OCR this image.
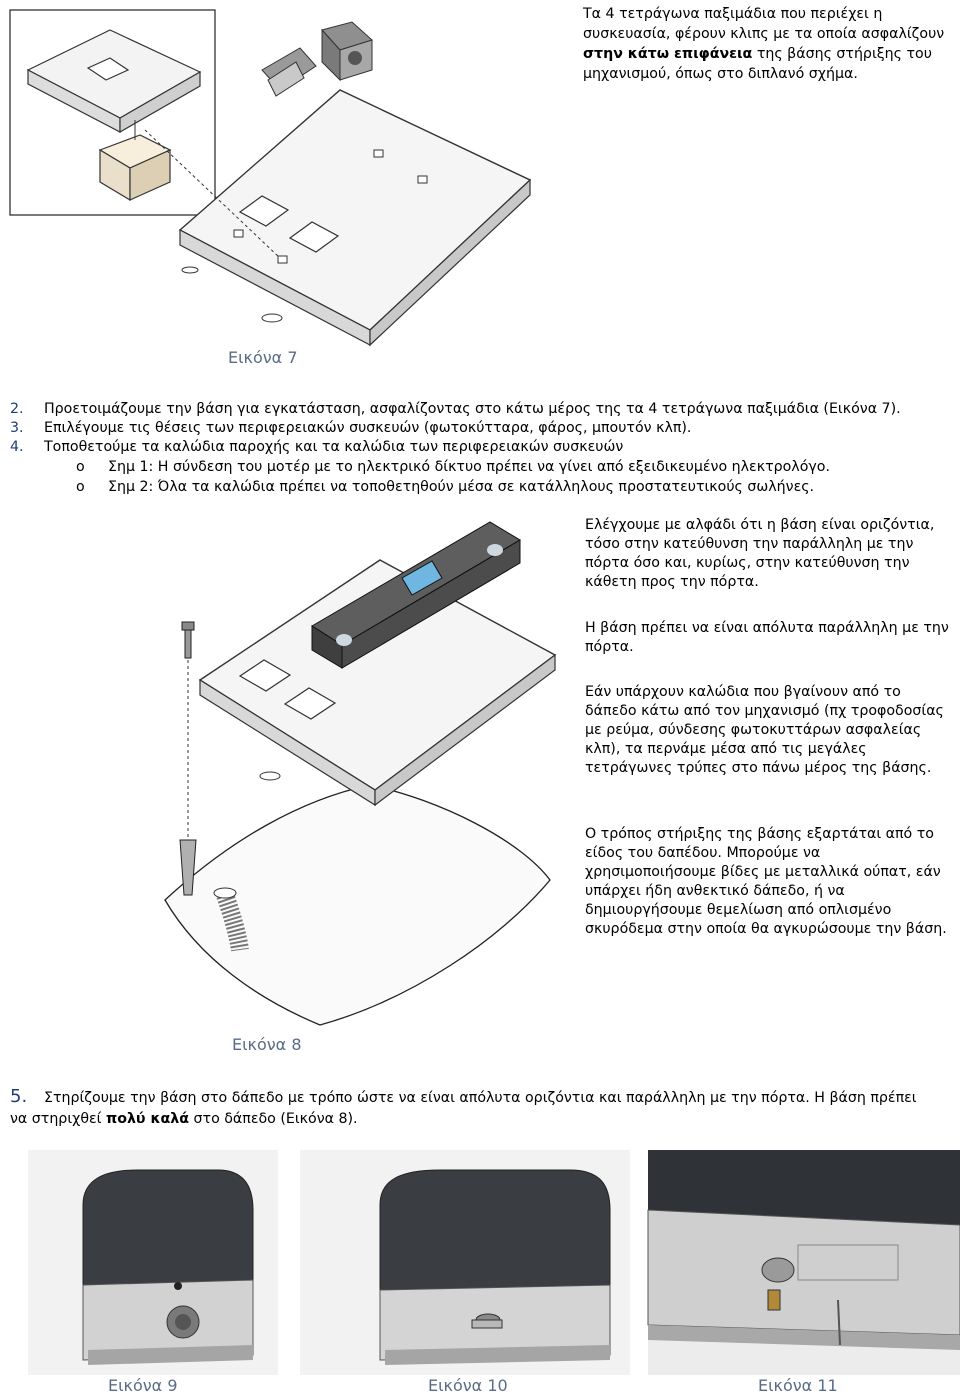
Τα 4 τετράγωνα παξιμάδια που περιέχει η συσκευασία, φέρουν κλιπς με τα οποία ασφαλίζουν στην κάτω επιφάνεια της βάσης στήριξης του μηχανισμού, όπως στο διπλανό σχήμα.
Εικόνα 7
2. Προετοιμάζουμε την βάση για εγκατάσταση, ασφαλίζοντας στο κάτω μέρος της τα 4 τετράγωνα παξιμάδια (Εικόνα 7).
3. Επιλέγουμε τις θέσεις των περιφερειακών συσκευών (φωτοκύτταρα, φάρος, μπουτόν κλπ).
4. Τοποθετούμε τα καλώδια παροχής και τα καλώδια των περιφερειακών συσκευών
o Σημ 1: Η σύνδεση του μοτέρ με το ηλεκτρικό δίκτυο πρέπει να γίνει από εξειδικευμένο ηλεκτρολόγο.
o Σημ 2: Όλα τα καλώδια πρέπει να τοποθετηθούν μέσα σε κατάλληλους προστατευτικούς σωλήνες.

Ελέγχουμε με αλφάδι ότι η βάση είναι οριζόντια, τόσο στην κατεύθυνση την παράλληλη με την πόρτα όσο και, κυρίως, στην κατεύθυνση την κάθετη προς την πόρτα.

Η βάση πρέπει να είναι απόλυτα παράλληλη με την πόρτα.

Εάν υπάρχουν καλώδια που βγαίνουν από το δάπεδο κάτω από τον μηχανισμό (πχ τροφοδοσίας με ρεύμα, σύνδεσης φωτοκυττάρων ασφαλείας κλπ), τα περνάμε μέσα από τις μεγάλες τετράγωνες τρύπες στο πάνω μέρος της βάσης.

Ο τρόπος στήριξης της βάσης εξαρτάται από το είδος του δαπέδου. Μπορούμε να χρησιμοποιήσουμε βίδες με μεταλλικά ούπατ, εάν υπάρχει ήδη ανθεκτικό δάπεδο, ή να δημιουργήσουμε θεμελίωση από οπλισμένο σκυρόδεμα στην οποία θα αγκυρώσουμε την βάση.

Εικόνα 8
5. Στηρίζουμε την βάση στο δάπεδο με τρόπο ώστε να είναι απόλυτα οριζόντια και παράλληλη με την πόρτα. Η βάση πρέπει
να στηριχθεί πολύ καλά στο δάπεδο (Εικόνα 8).
Εικόνα 9	Εικόνα 10	Εικόνα 11
